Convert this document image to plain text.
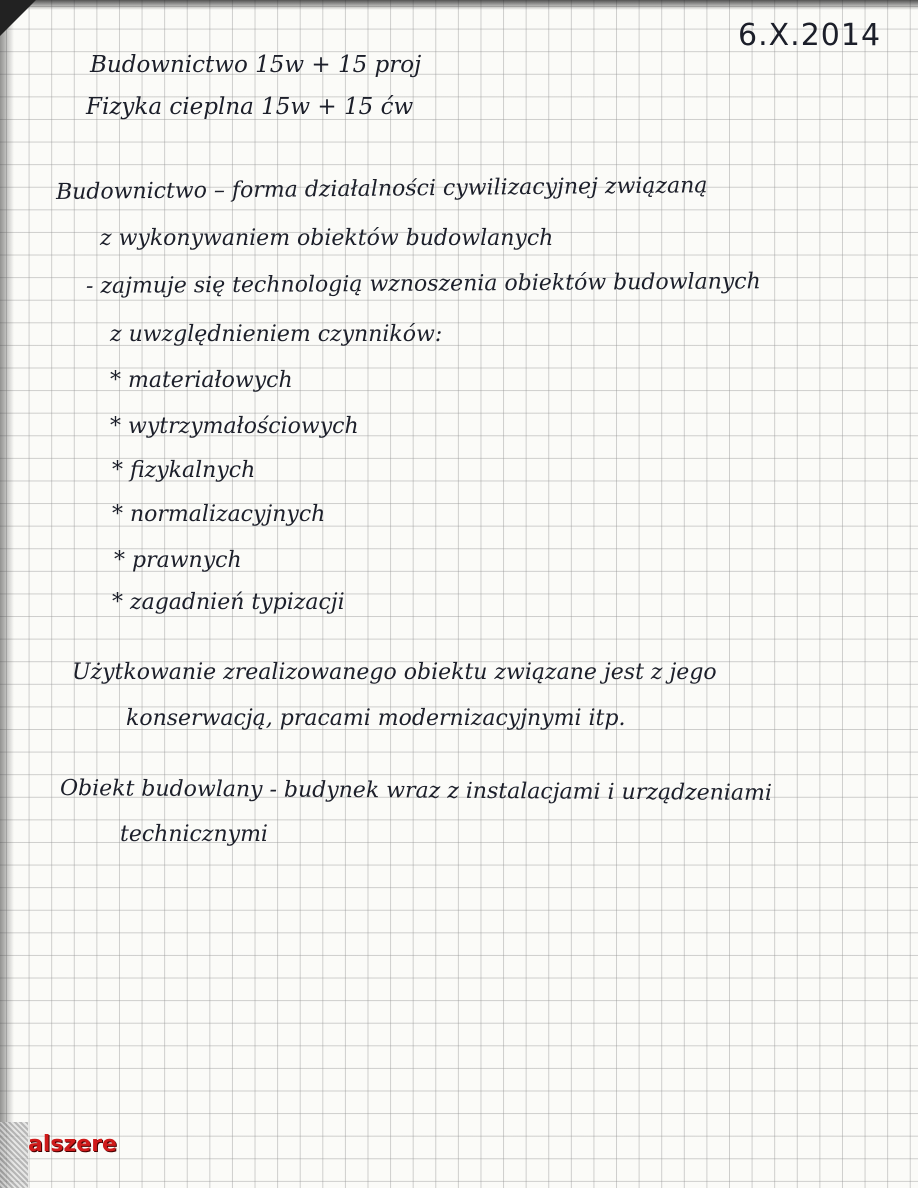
6.X.2014
Budownictwo 15w + 15 proj
Fizyka cieplna 15w + 15 ćw
Budownictwo – forma działalności cywilizacyjnej związaną
z wykonywaniem obiektów budowlanych
- zajmuje się technologią wznoszenia obiektów budowlanych
z uwzględnieniem czynników:
* materiałowych
* wytrzymałościowych
* fizykalnych
* normalizacyjnych
* prawnych
* zagadnień typizacji
Użytkowanie zrealizowanego obiektu związane jest z jego
konserwacją, pracami modernizacyjnymi itp.
Obiekt budowlany - budynek wraz z instalacjami i urządzeniami
technicznymi
alszere
